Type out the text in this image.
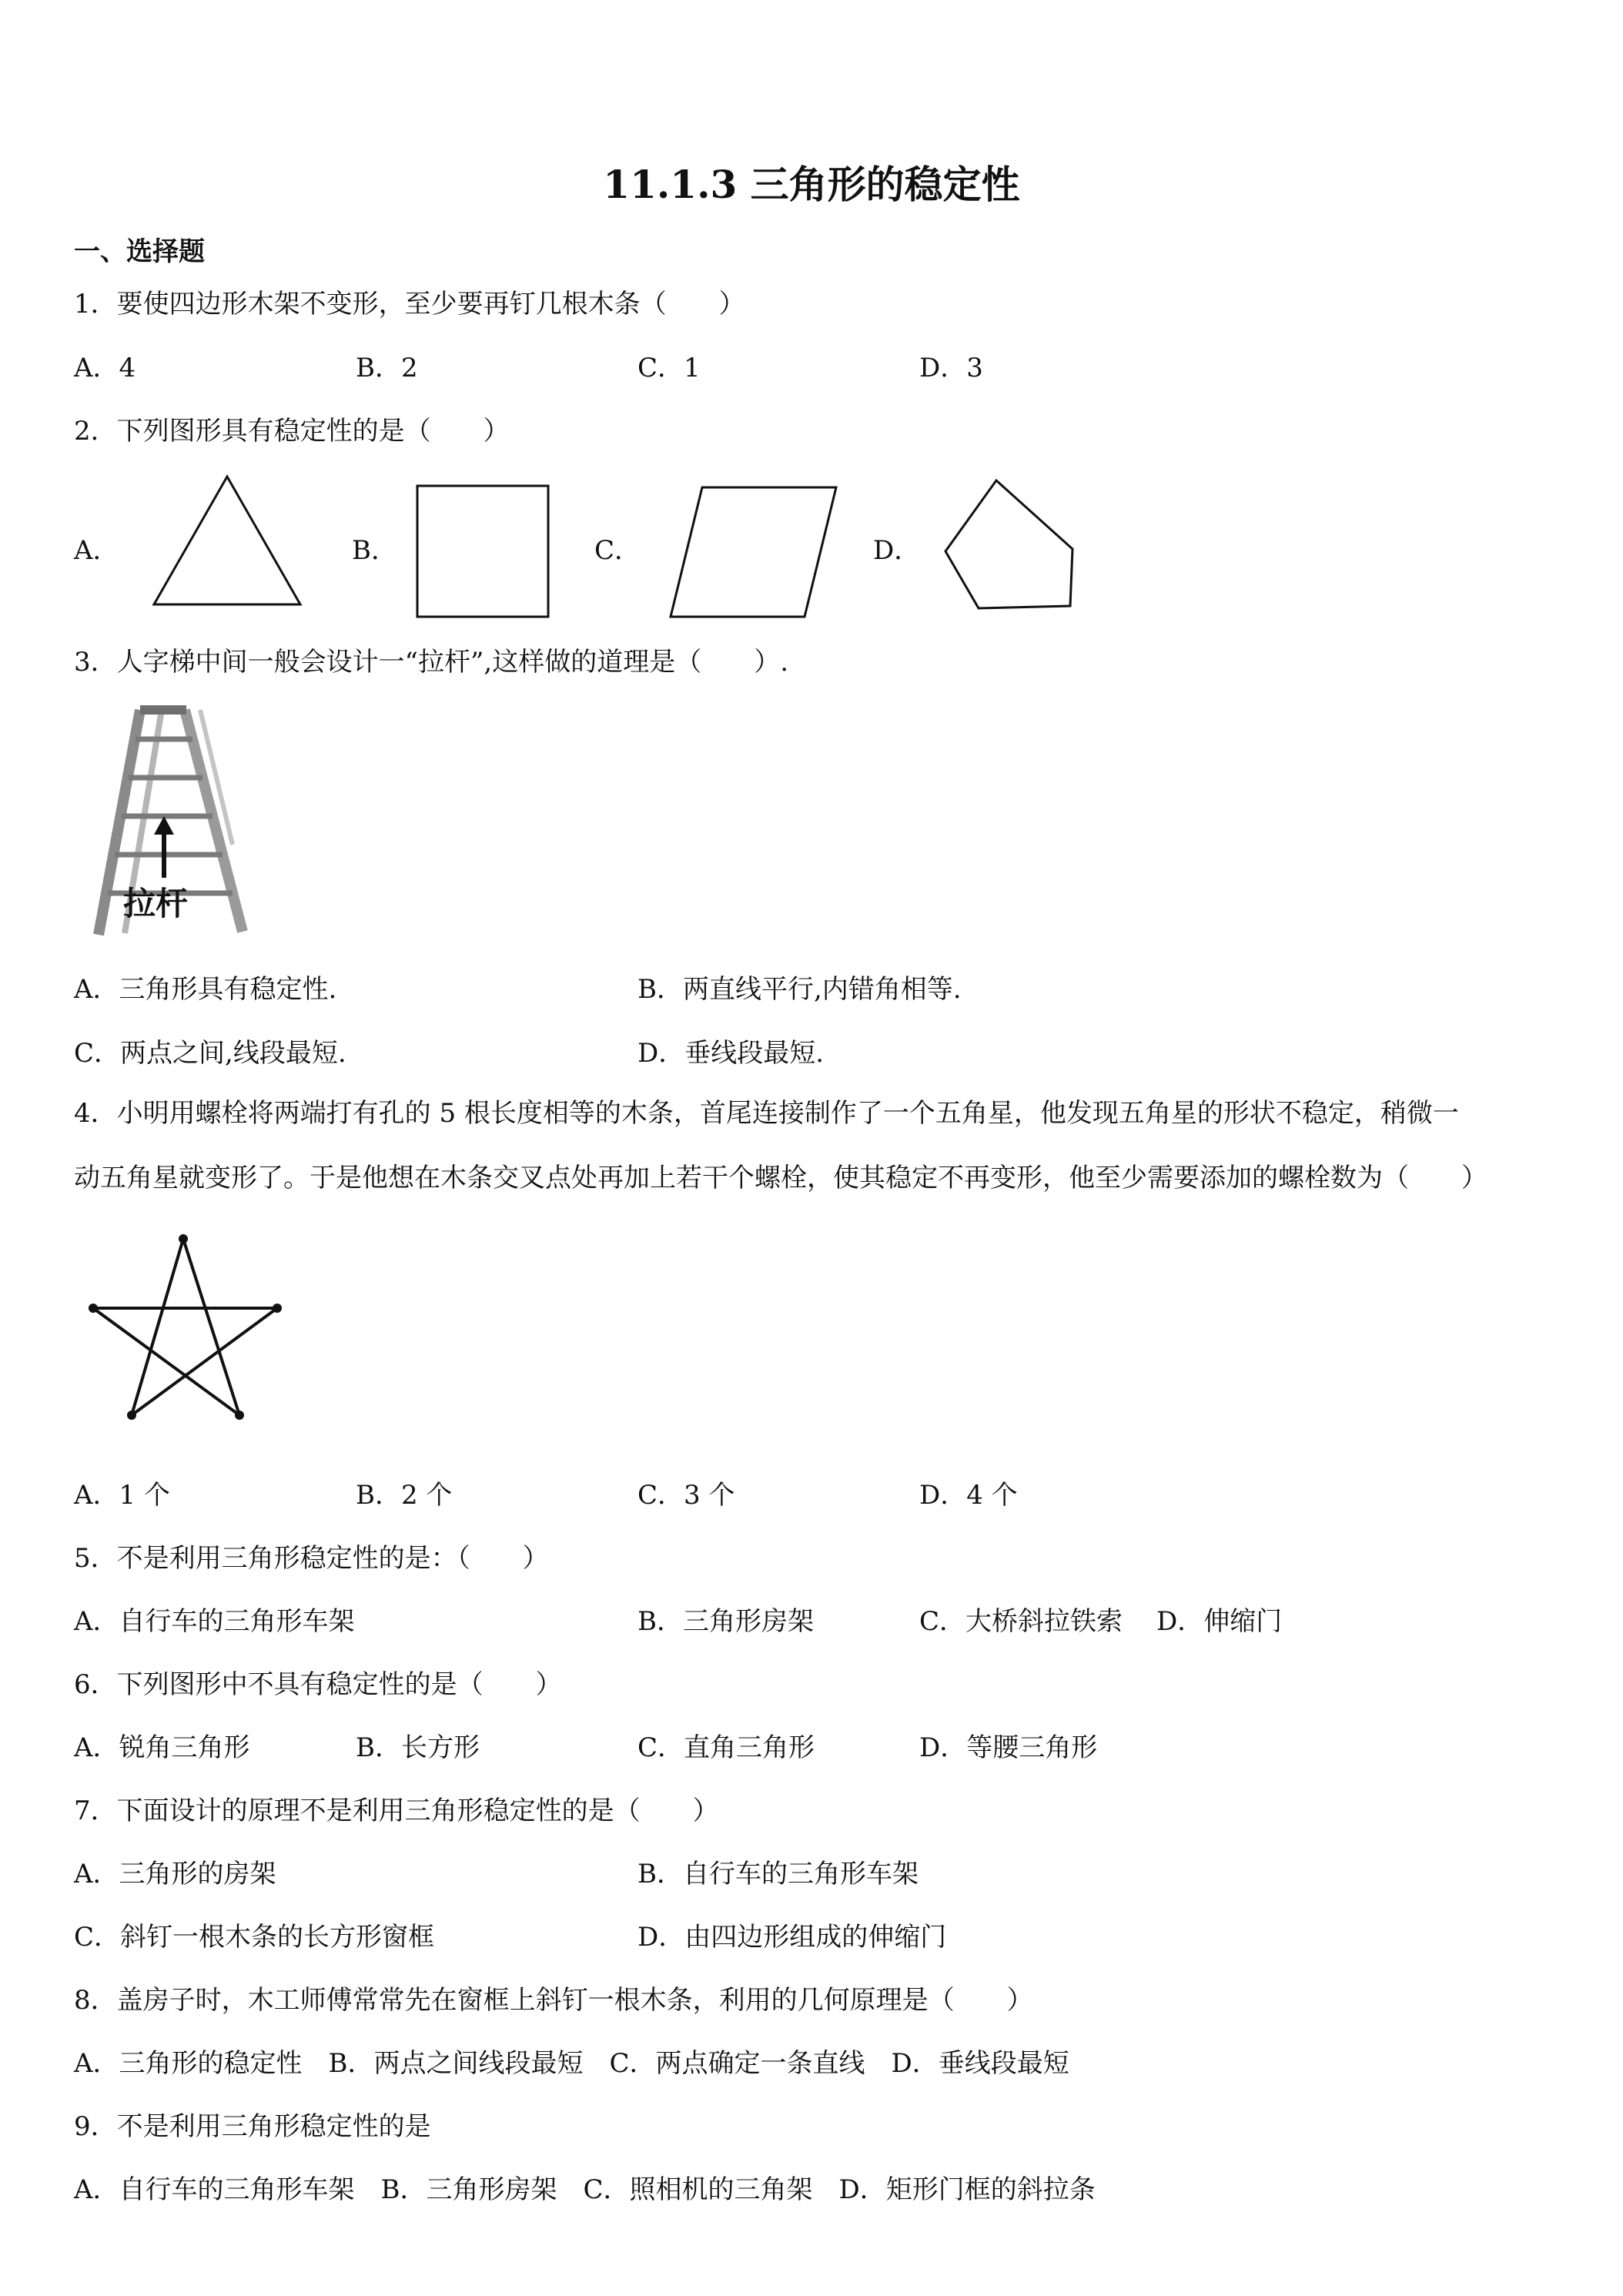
11.1.3 三角形的稳定性
一、选择题
1．要使四边形木架不变形，至少要再钉几根木条（　　）
A．4	B．2	C．1	D．3
2．下列图形具有稳定性的是（　　）
A．	B．	C．	D．
3．人字梯中间一般会设计一“拉杆”,这样做的道理是（　　）.
拉杆
A．三角形具有稳定性.	B．两直线平行,内错角相等.
C．两点之间,线段最短.	D．垂线段最短.
4．小明用螺栓将两端打有孔的 5 根长度相等的木条，首尾连接制作了一个五角星，他发现五角星的形状不稳定，稍微一
动五角星就变形了。于是他想在木条交叉点处再加上若干个螺栓，使其稳定不再变形，他至少需要添加的螺栓数为（　　）
A．1 个	B．2 个	C．3 个	D．4 个
5．不是利用三角形稳定性的是：（　　）
A．自行车的三角形车架	B．三角形房架	C．大桥斜拉铁索 D．伸缩门
6．下列图形中不具有稳定性的是（　　）
A．锐角三角形	B．长方形	C．直角三角形	D．等腰三角形
7．下面设计的原理不是利用三角形稳定性的是（　　）
A．三角形的房架	B．自行车的三角形车架
C．斜钉一根木条的长方形窗框	D．由四边形组成的伸缩门
8．盖房子时，木工师傅常常先在窗框上斜钉一根木条，利用的几何原理是（　　）
A．三角形的稳定性　B．两点之间线段最短　C．两点确定一条直线　D．垂线段最短
9．不是利用三角形稳定性的是
A．自行车的三角形车架　B．三角形房架　C．照相机的三角架　D．矩形门框的斜拉条
